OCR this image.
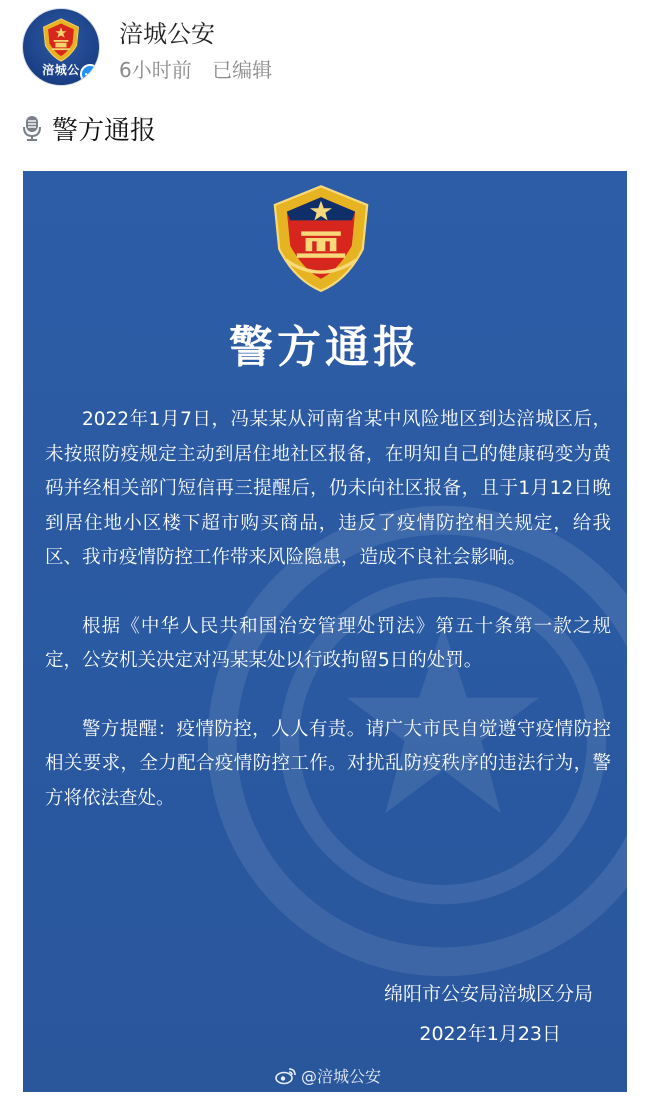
涪城公
涪城公安
6小时前 已编辑
警方通报
警方通报

2022年1月7日，冯某某从河南省某中风险地区到达涪城区后，未按照防疫规定主动到居住地社区报备，在明知自己的健康码变为黄码并经相关部门短信再三提醒后，仍未向社区报备，且于1月12日晚到居住地小区楼下超市购买商品，违反了疫情防控相关规定，给我区、我市疫情防控工作带来风险隐患，造成不良社会影响。

根据《中华人民共和国治安管理处罚法》第五十条第一款之规定，公安机关决定对冯某某处以行政拘留5日的处罚。

警方提醒：疫情防控，人人有责。请广大市民自觉遵守疫情防控相关要求，全力配合疫情防控工作。对扰乱防疫秩序的违法行为，警方将依法查处。

绵阳市公安局涪城区分局
2022年1月23日
@涪城公安
